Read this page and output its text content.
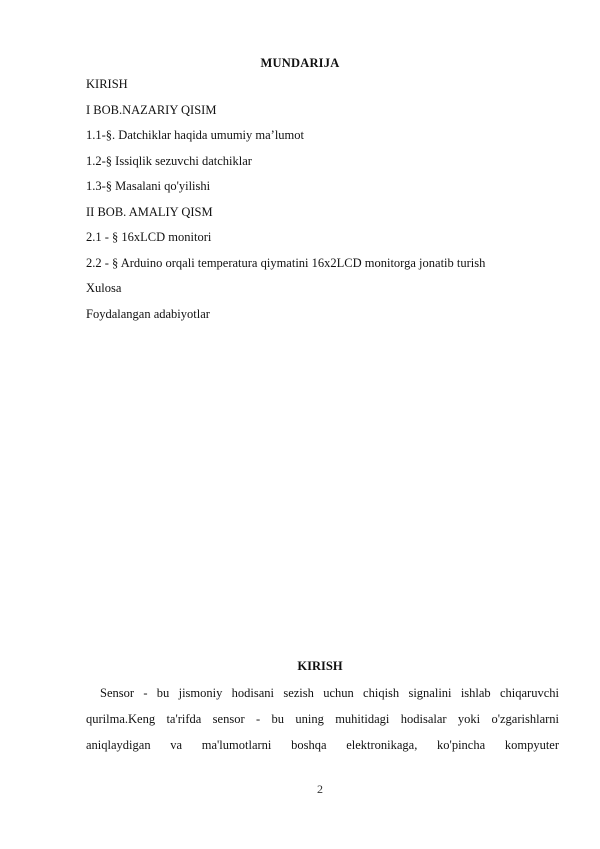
MUNDARIJA
KIRISH
I BOB.NAZARIY QISIM
1.1-§. Datchiklar haqida umumiy ma’lumot
1.2-§ Issiqlik sezuvchi datchiklar
1.3-§ Masalani qo'yilishi
II BOB. AMALIY QISM
2.1 - § 16xLCD monitori
2.2 - § Arduino orqali temperatura qiymatini 16x2LCD monitorga jonatib turish
Xulosa
Foydalangan adabiyotlar
KIRISH
Sensor - bu jismoniy hodisani sezish uchun chiqish signalini ishlab chiqaruvchi
qurilma.Keng ta'rifda sensor - bu uning muhitidagi hodisalar yoki o'zgarishlarni
aniqlaydigan va ma'lumotlarni boshqa elektronikaga, ko'pincha kompyuter
2
